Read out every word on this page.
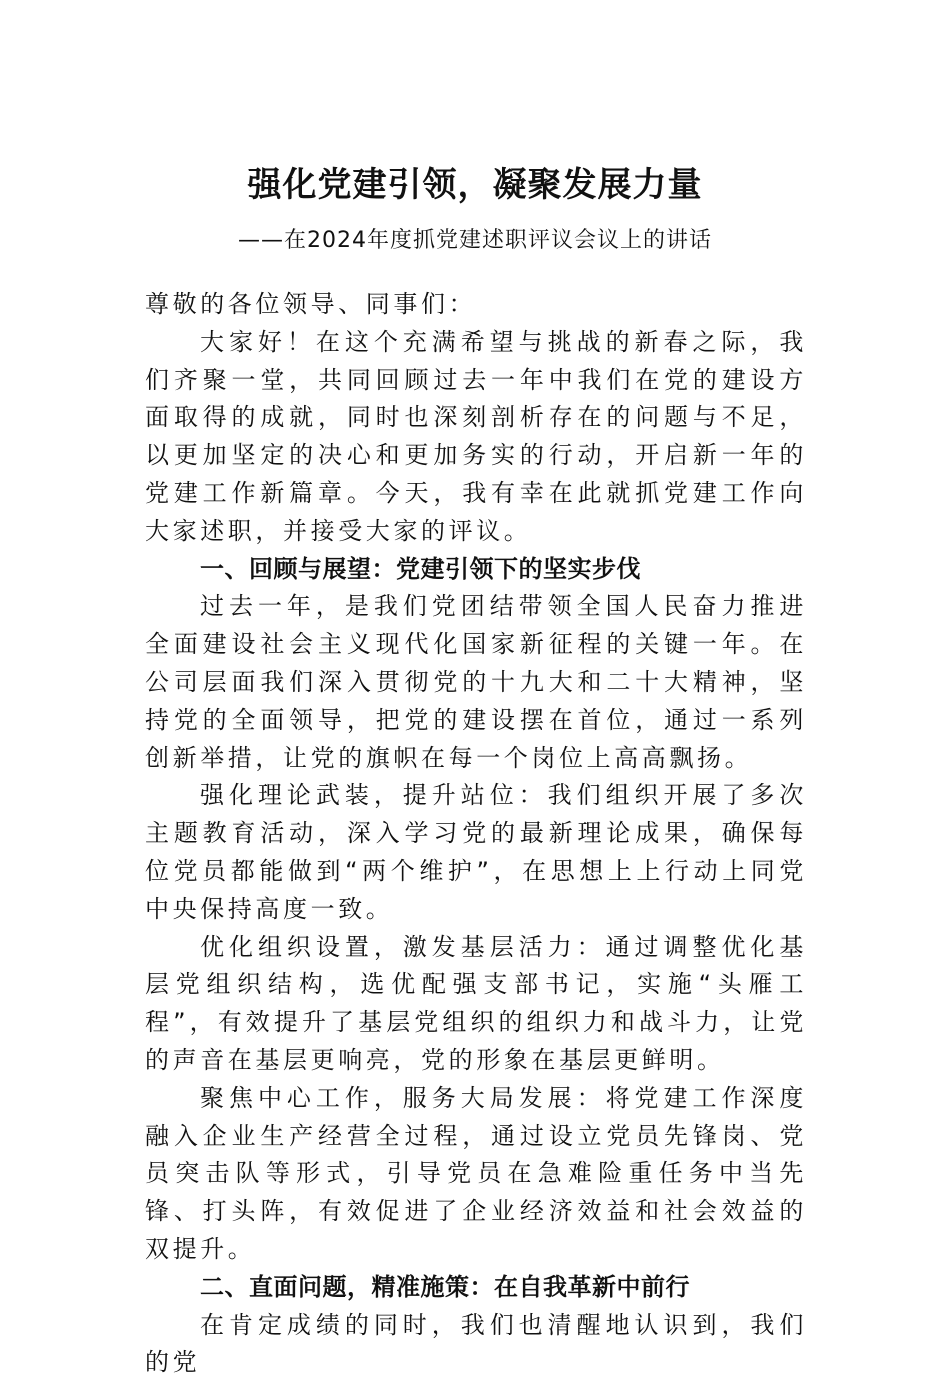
强化党建引领，凝聚发展力量
——在2024年度抓党建述职评议会议上的讲话

尊敬的各位领导、同事们：

大家好！在这个充满希望与挑战的新春之际，我们齐聚一堂，共同回顾过去一年中我们在党的建设方面取得的成就，同时也深刻剖析存在的问题与不足，以更加坚定的决心和更加务实的行动，开启新一年的党建工作新篇章。今天，我有幸在此就抓党建工作向大家述职，并接受大家的评议。

一、回顾与展望：党建引领下的坚实步伐

过去一年，是我们党团结带领全国人民奋力推进全面建设社会主义现代化国家新征程的关键一年。在公司层面我们深入贯彻党的十九大和二十大精神，坚持党的全面领导，把党的建设摆在首位，通过一系列创新举措，让党的旗帜在每一个岗位上高高飘扬。

强化理论武装，提升站位：我们组织开展了多次主题教育活动，深入学习党的最新理论成果，确保每位党员都能做到“两个维护”，在思想上上行动上同党中央保持高度一致。

优化组织设置，激发基层活力：通过调整优化基层党组织结构，选优配强支部书记，实施“头雁工程”，有效提升了基层党组织的组织力和战斗力，让党的声音在基层更响亮，党的形象在基层更鲜明。

聚焦中心工作，服务大局发展：将党建工作深度融入企业生产经营全过程，通过设立党员先锋岗、党员突击队等形式，引导党员在急难险重任务中当先锋、打头阵，有效促进了企业经济效益和社会效益的双提升。

二、直面问题，精准施策：在自我革新中前行

在肯定成绩的同时，我们也清醒地认识到，我们的党
